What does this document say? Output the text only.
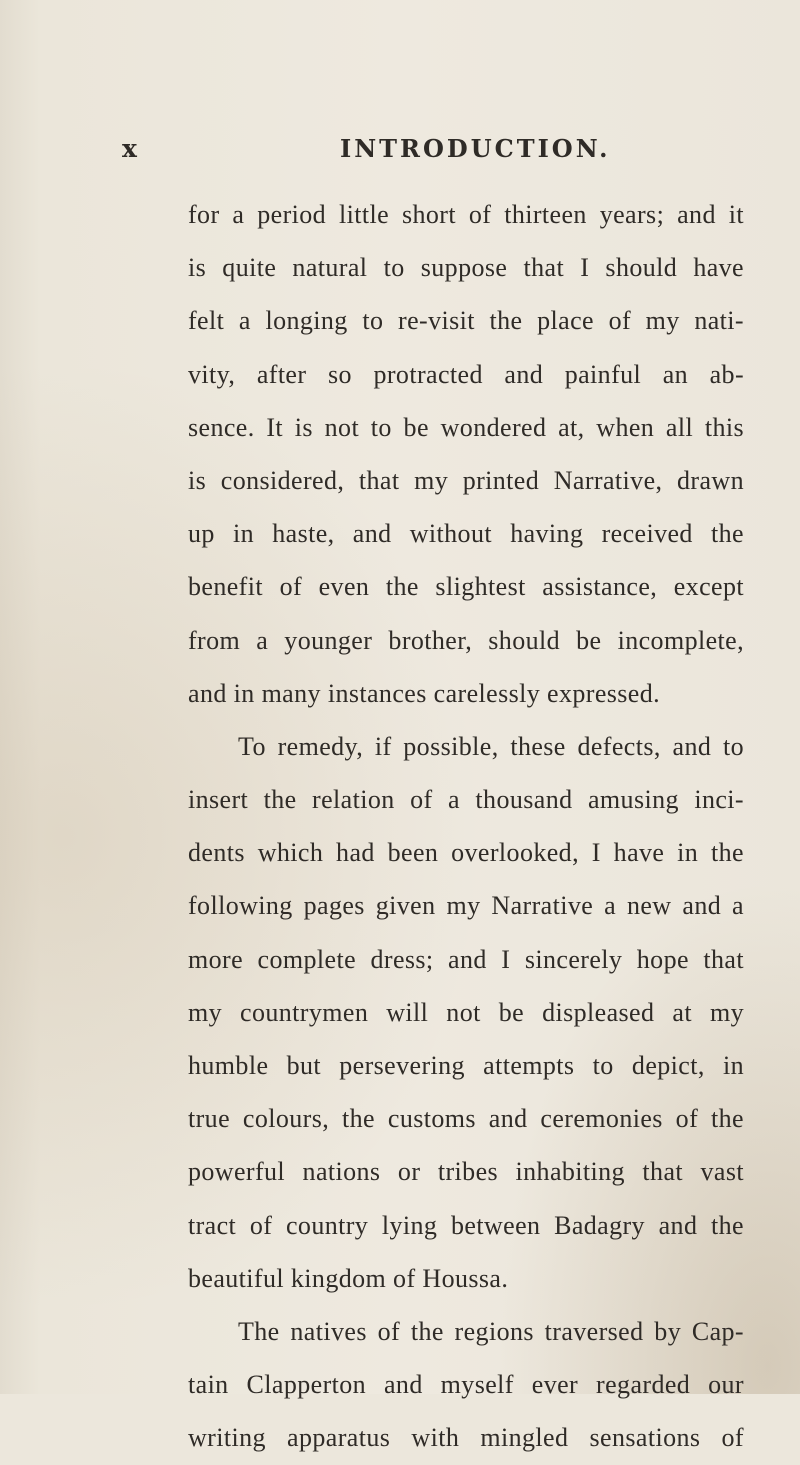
x	INTRODUCTION.
for a period little short of thirteen years; and it
is quite natural to suppose that I should have
felt a longing to re-visit the place of my nati-
vity, after so protracted and painful an ab-
sence. It is not to be wondered at, when all this
is considered, that my printed Narrative, drawn
up in haste, and without having received the
benefit of even the slightest assistance, except
from a younger brother, should be incomplete,
and in many instances carelessly expressed.
To remedy, if possible, these defects, and to
insert the relation of a thousand amusing inci-
dents which had been overlooked, I have in the
following pages given my Narrative a new and a
more complete dress; and I sincerely hope that
my countrymen will not be displeased at my
humble but persevering attempts to depict, in
true colours, the customs and ceremonies of the
powerful nations or tribes inhabiting that vast
tract of country lying between Badagry and the
beautiful kingdom of Houssa.
The natives of the regions traversed by Cap-
tain Clapperton and myself ever regarded our
writing apparatus with mingled sensations of
